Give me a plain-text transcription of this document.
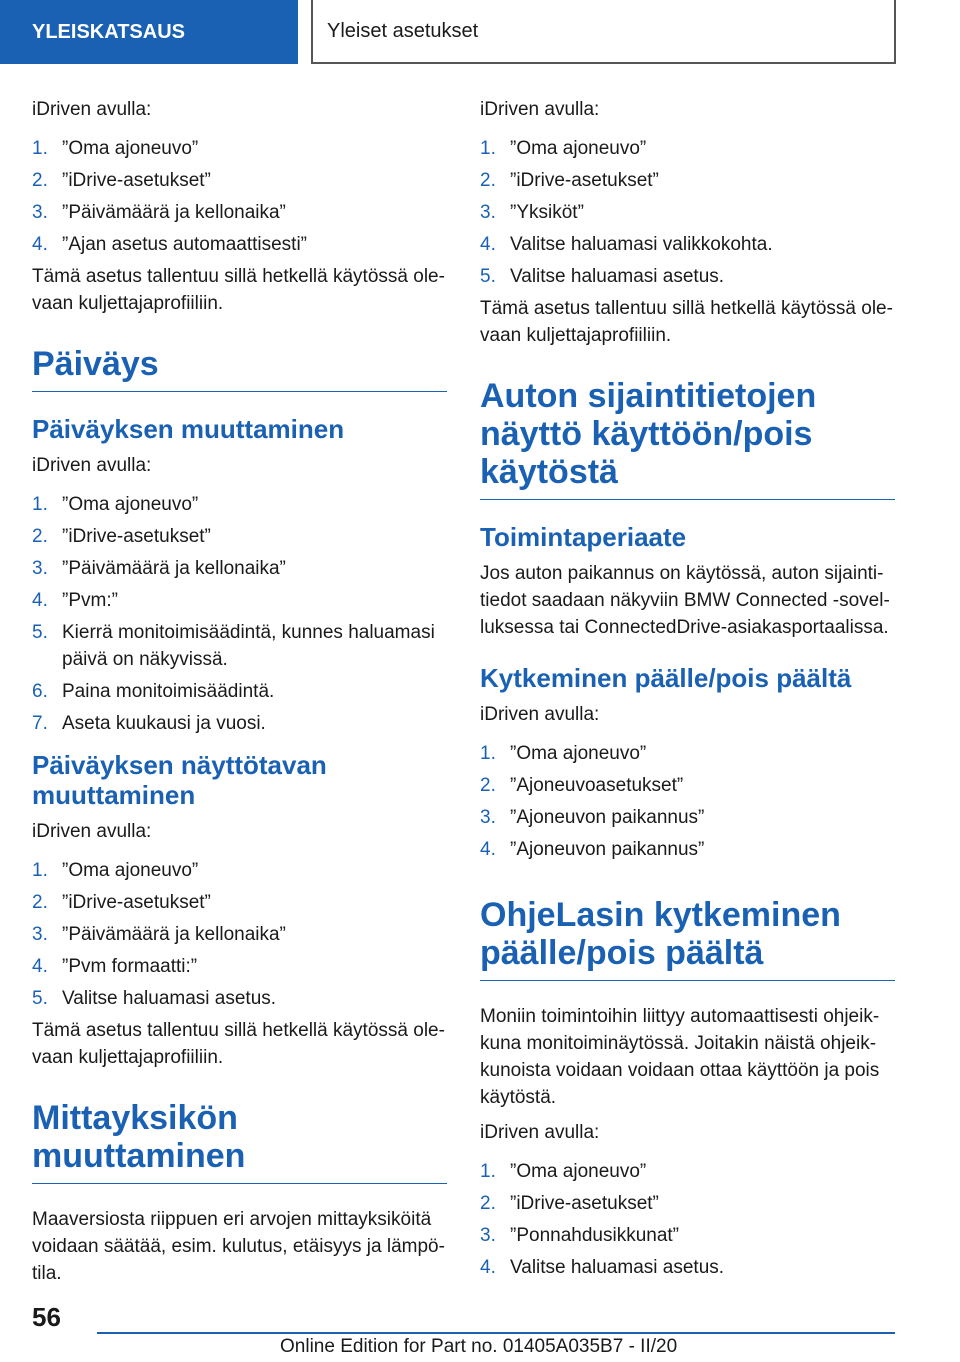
YLEISKATSAUS	Yleiset asetukset

iDriven avulla:

1. ”Oma ajoneuvo”
2. ”iDrive-asetukset”
3. ”Päivämäärä ja kellonaika”
4. ”Ajan asetus automaattisesti”

Tämä asetus tallentuu sillä hetkellä käytössä olevaan kuljettajaprofiiliin.

Päiväys
Päiväyksen muuttaminen

iDriven avulla:

1. ”Oma ajoneuvo”
2. ”iDrive-asetukset”
3. ”Päivämäärä ja kellonaika”
4. ”Pvm:”
5. Kierrä monitoimisäädintä, kunnes haluamasi päivä on näkyvissä.
6. Paina monitoimisäädintä.
7. Aseta kuukausi ja vuosi.
Päiväyksen näyttötavan muuttaminen

iDriven avulla:

1. ”Oma ajoneuvo”
2. ”iDrive-asetukset”
3. ”Päivämäärä ja kellonaika”
4. ”Pvm formaatti:”
5. Valitse haluamasi asetus.

Tämä asetus tallentuu sillä hetkellä käytössä olevaan kuljettajaprofiiliin.

Mittayksikön muuttaminen

Maaversiosta riippuen eri arvojen mittayksiköitä voidaan säätää, esim. kulutus, etäisyys ja lämpötila.

iDriven avulla:

1. ”Oma ajoneuvo”
2. ”iDrive-asetukset”
3. ”Yksiköt”
4. Valitse haluamasi valikkokohta.
5. Valitse haluamasi asetus.

Tämä asetus tallentuu sillä hetkellä käytössä olevaan kuljettajaprofiiliin.

Auton sijaintitietojen näyttö käyttöön/pois käytöstä
Toimintaperiaate

Jos auton paikannus on käytössä, auton sijaintitiedot saadaan näkyviin BMW Connected -sovelluksessa tai ConnectedDrive-asiakasportaalissa.

Kytkeminen päälle/pois päältä

iDriven avulla:

1. ”Oma ajoneuvo”
2. ”Ajoneuvoasetukset”
3. ”Ajoneuvon paikannus”
4. ”Ajoneuvon paikannus”
OhjeLasin kytkeminen päälle/pois päältä

Moniin toimintoihin liittyy automaattisesti ohjeikkuna monitoiminäytössä. Joitakin näistä ohjeikkunoista voidaan voidaan ottaa käyttöön ja pois käytöstä.

iDriven avulla:

1. ”Oma ajoneuvo”
2. ”iDrive-asetukset”
3. ”Ponnahdusikkunat”
4. Valitse haluamasi asetus.
56
Online Edition for Part no. 01405A035B7 - II/20
